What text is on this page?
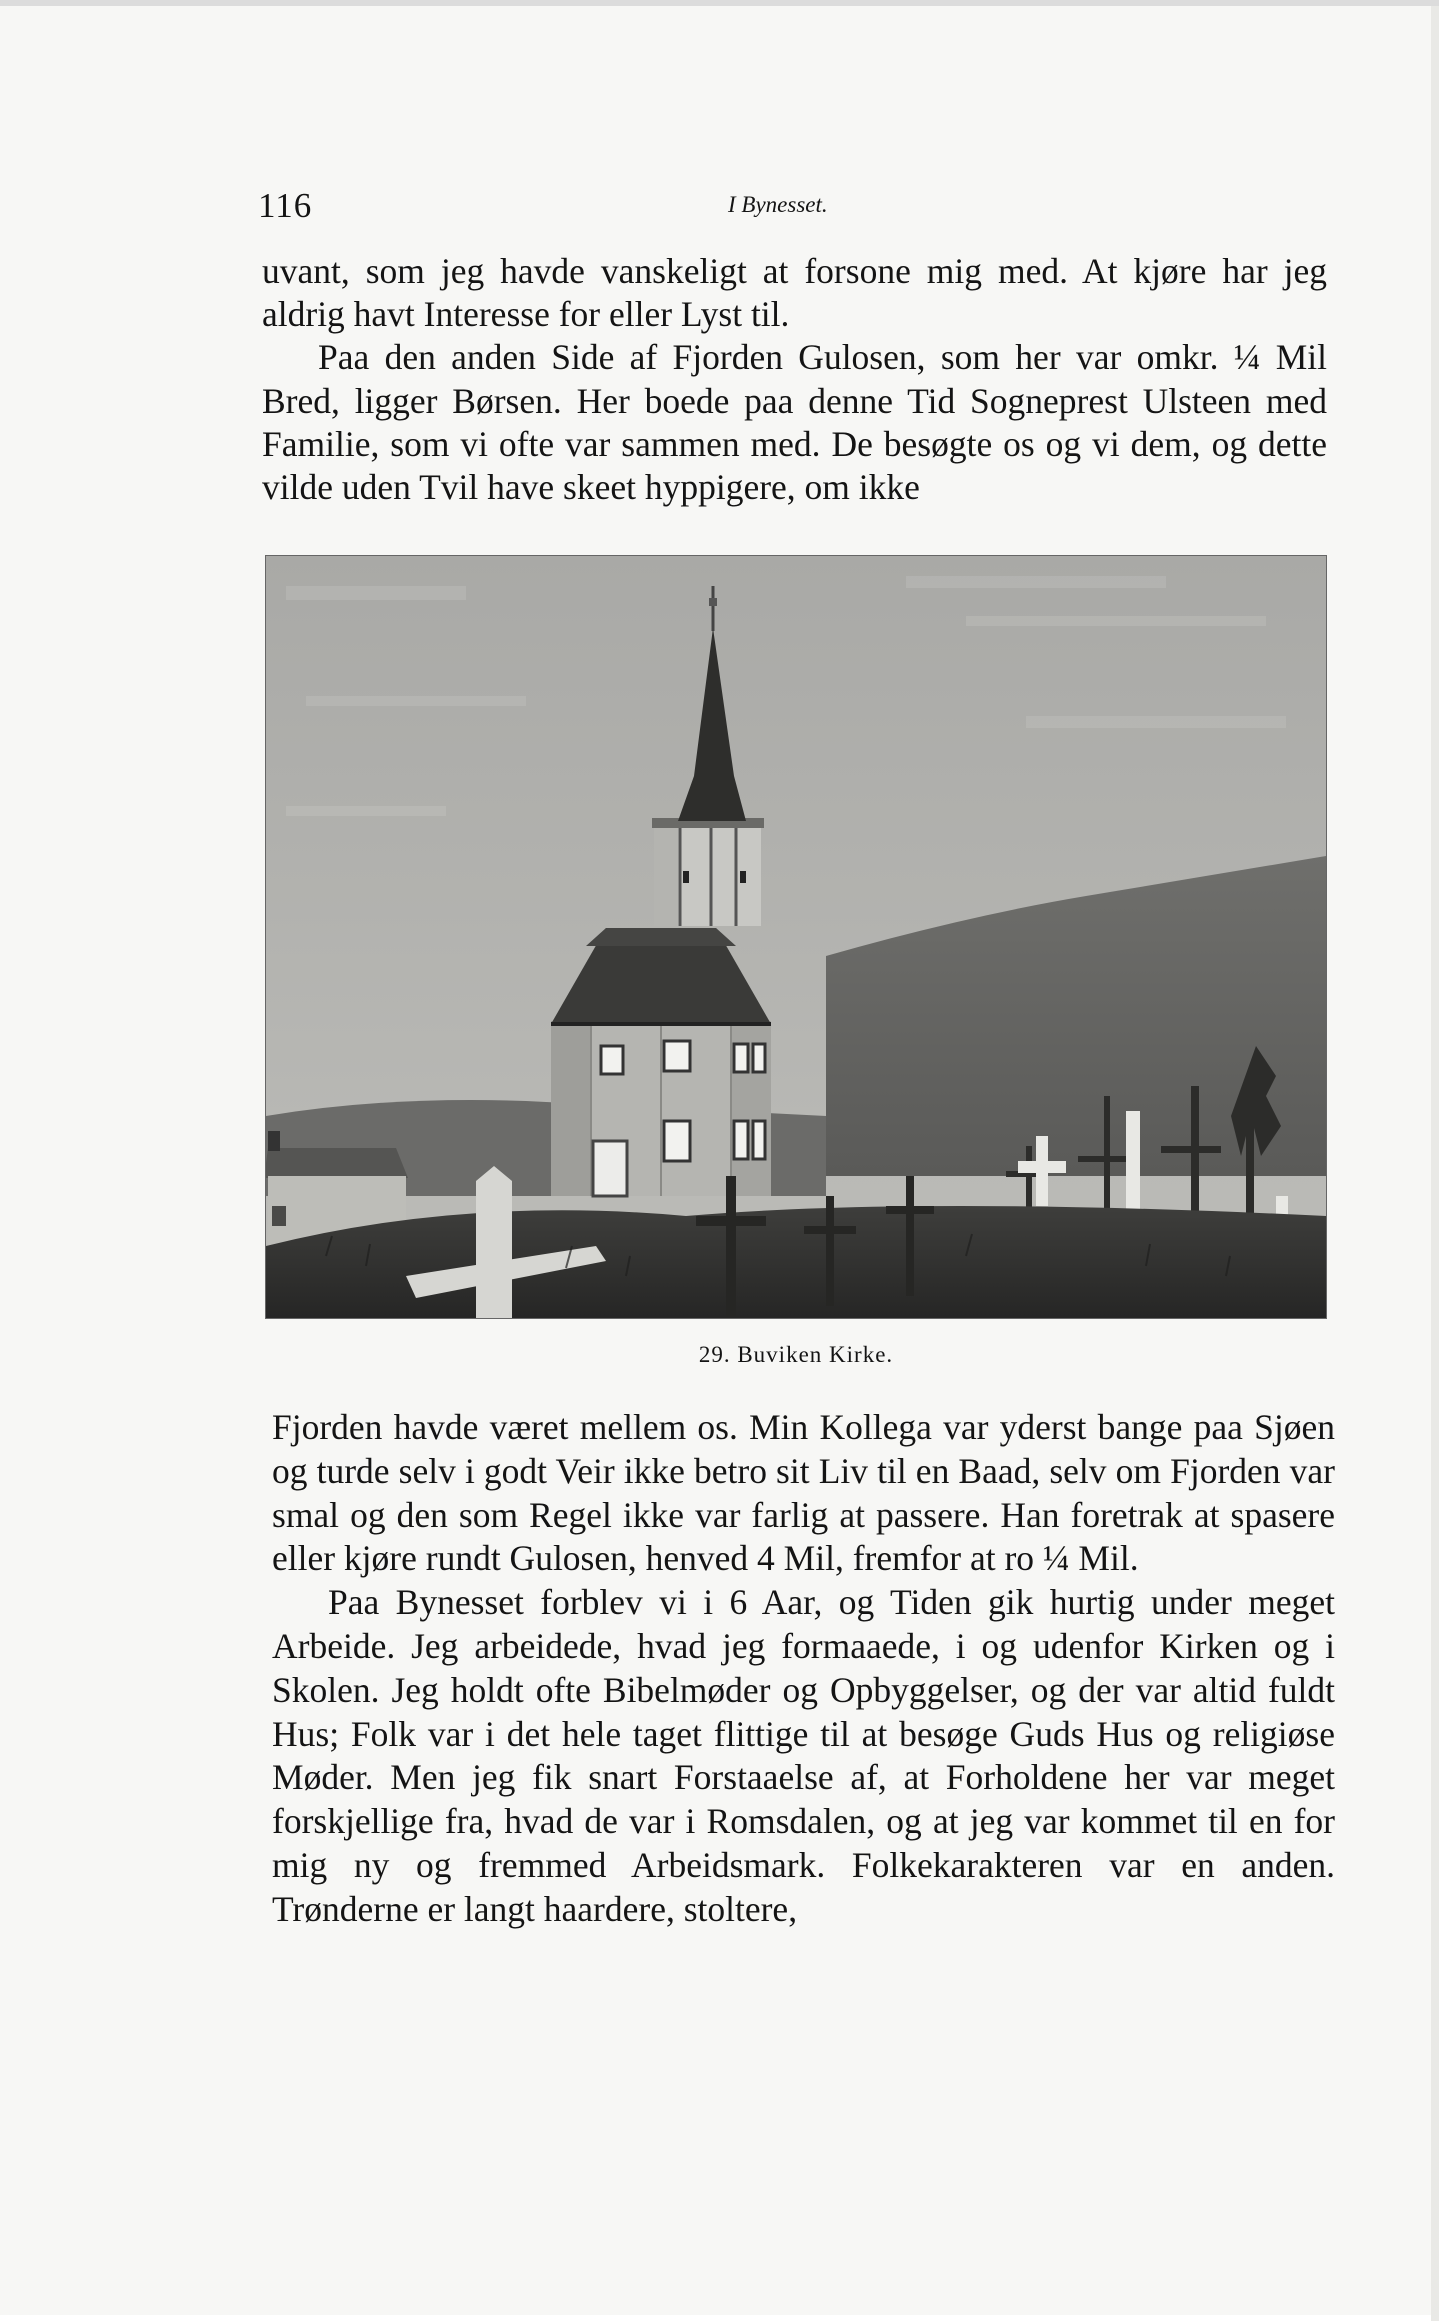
116	I Bynesset.

uvant, som jeg havde vanskeligt at forsone mig med. At kjøre har jeg aldrig havt Interesse for eller Lyst til.

Paa den anden Side af Fjorden Gulosen, som her var omkr. ¼ Mil Bred, ligger Børsen. Her boede paa denne Tid Sogneprest Ulsteen med Familie, som vi ofte var sammen med. De besøgte os og vi dem, og dette vilde uden Tvil have skeet hyppigere, om ikke

29. Buviken Kirke.

Fjorden havde været mellem os. Min Kollega var yderst bange paa Sjøen og turde selv i godt Veir ikke betro sit Liv til en Baad, selv om Fjorden var smal og den som Regel ikke var farlig at passere. Han foretrak at spasere eller kjøre rundt Gulosen, henved 4 Mil, fremfor at ro ¼ Mil.

Paa Bynesset forblev vi i 6 Aar, og Tiden gik hurtig under meget Arbeide. Jeg arbeidede, hvad jeg formaaede, i og udenfor Kirken og i Skolen. Jeg holdt ofte Bibelmøder og Opbyggelser, og der var altid fuldt Hus; Folk var i det hele taget flittige til at besøge Guds Hus og religiøse Møder. Men jeg fik snart Forstaaelse af, at Forholdene her var meget forskjellige fra, hvad de var i Romsdalen, og at jeg var kommet til en for mig ny og fremmed Arbeidsmark. Folkekarakteren var en anden. Trønderne er langt haardere, stoltere,
